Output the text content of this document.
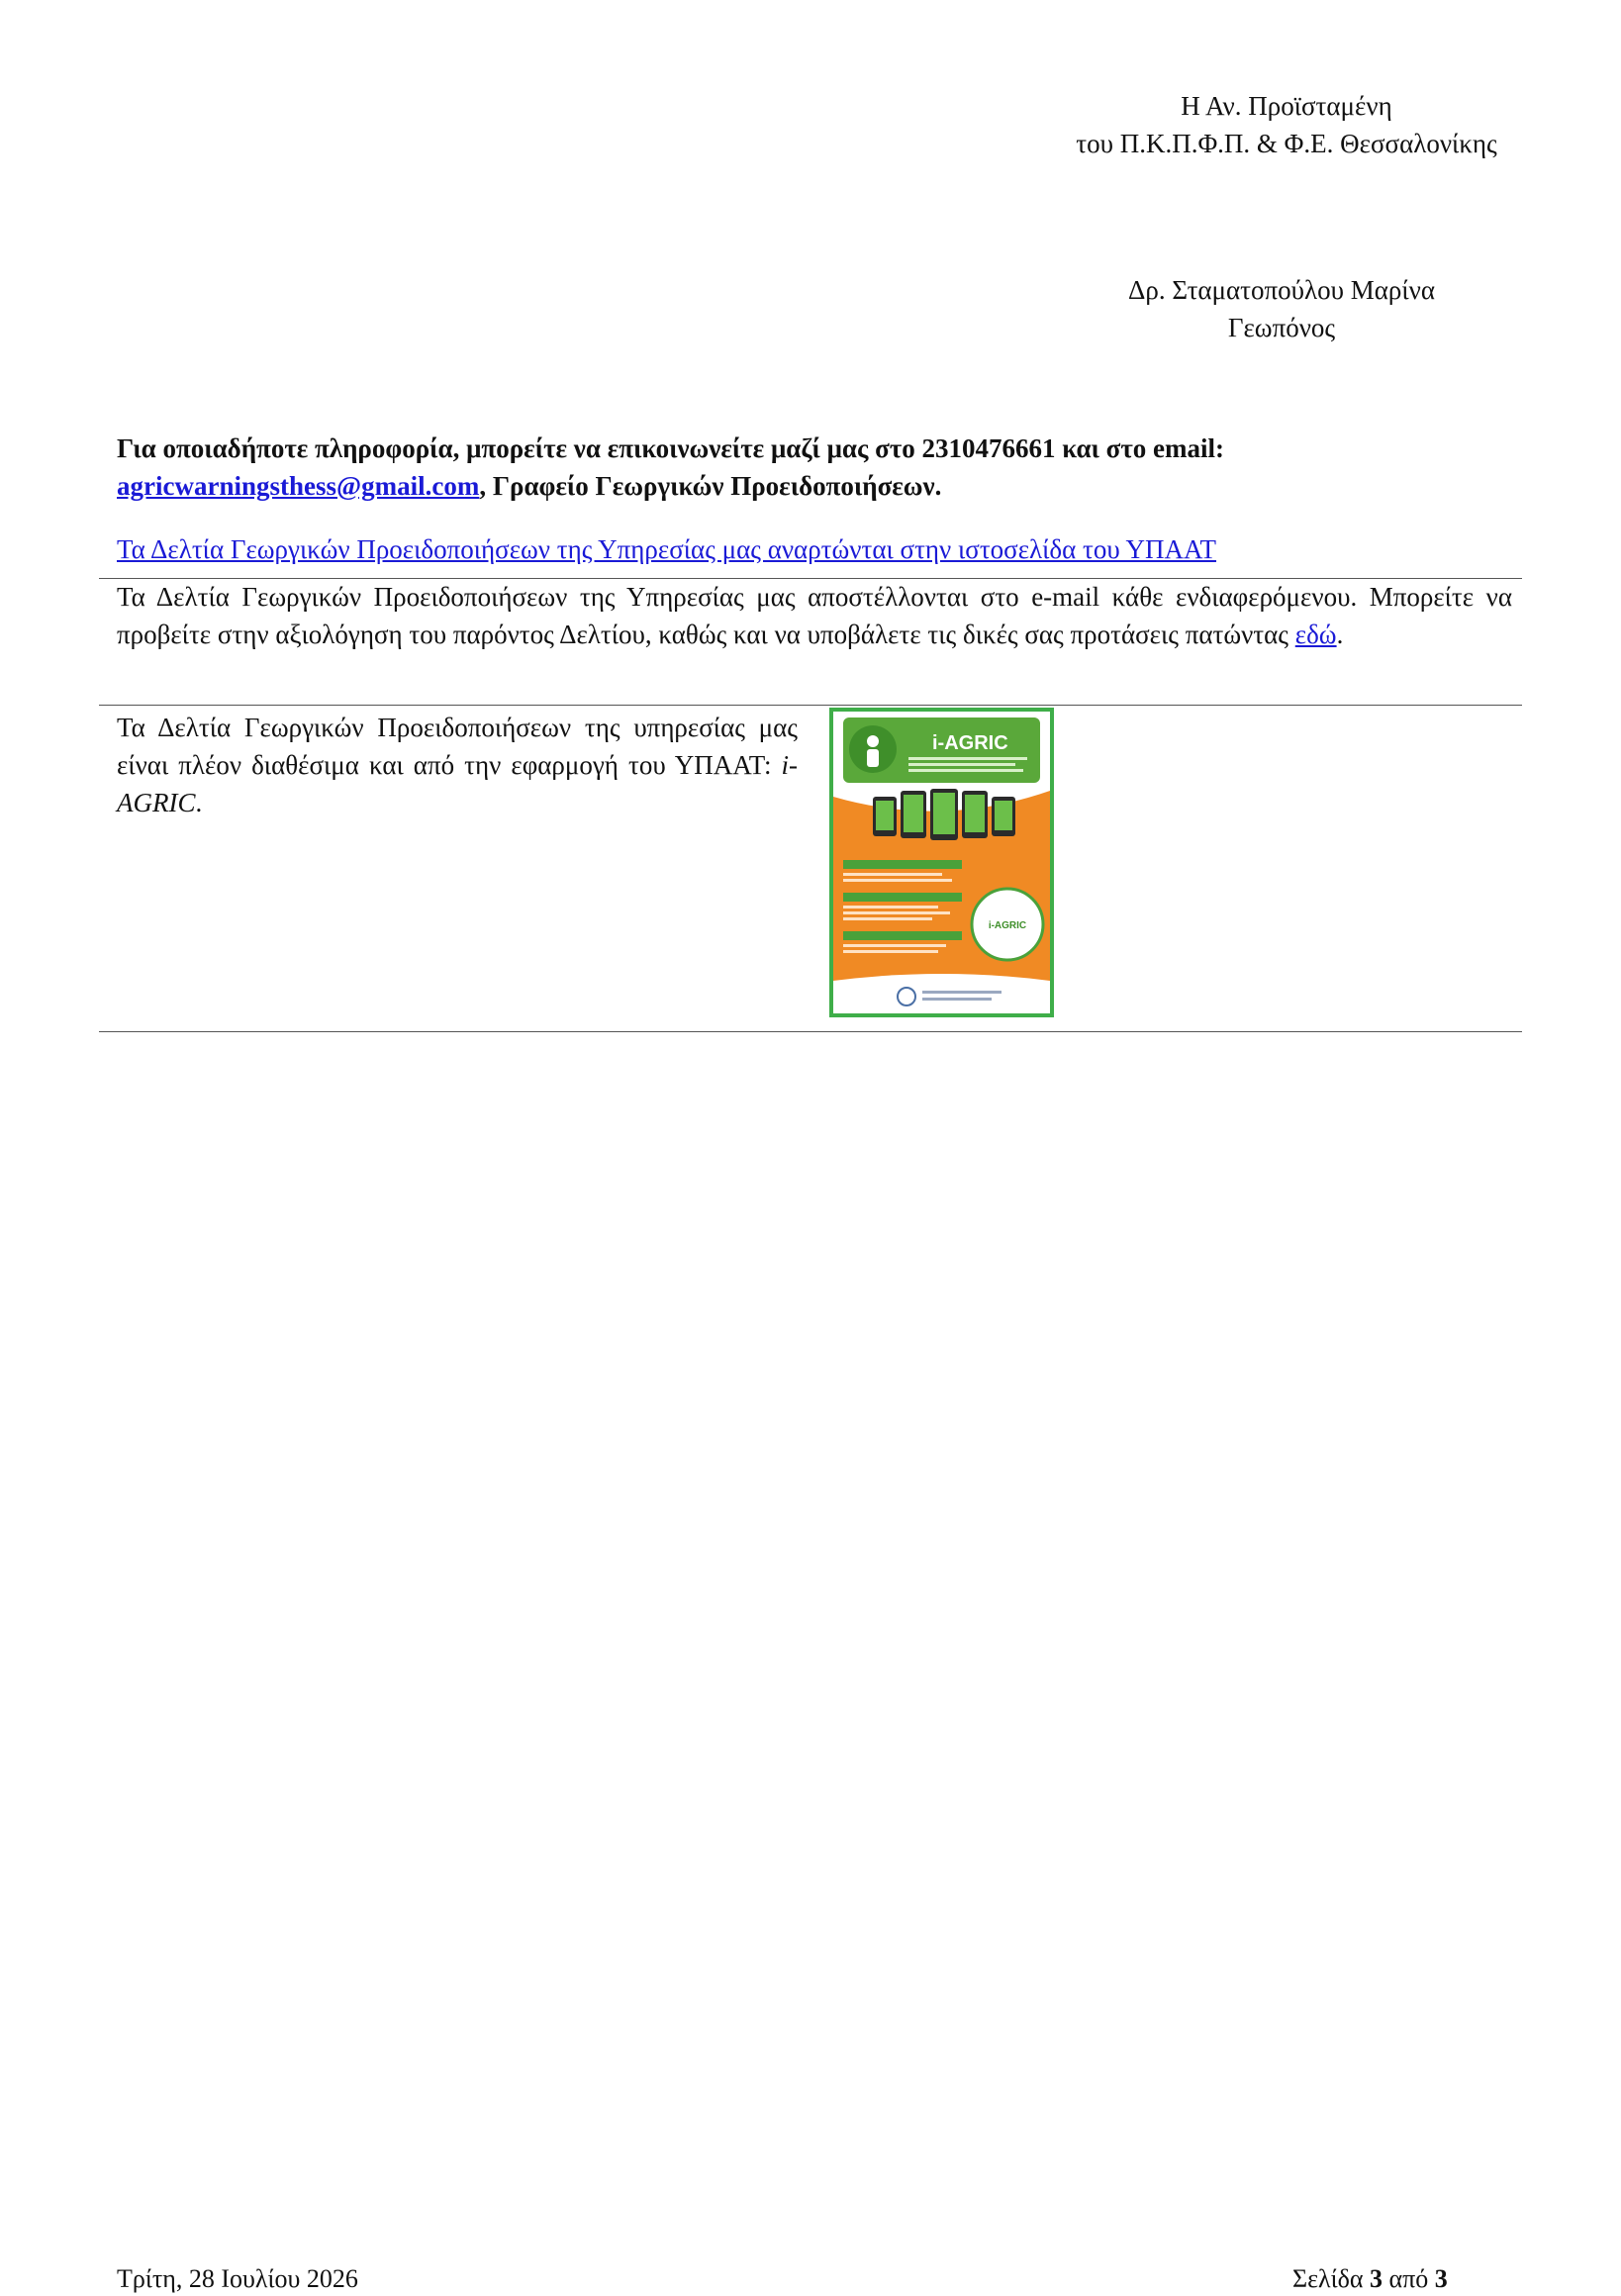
Η Αν. Προϊσταμένη
του Π.Κ.Π.Φ.Π. & Φ.Ε. Θεσσαλονίκης
Δρ. Σταματοπούλου Μαρίνα
Γεωπόνος
Για οποιαδήποτε πληροφορία, μπορείτε να επικοινωνείτε μαζί μας στο 2310476661 και στο email:
agricwarningsthess@gmail.com, Γραφείο Γεωργικών Προειδοποιήσεων.
Τα Δελτία Γεωργικών Προειδοποιήσεων της Υπηρεσίας μας αναρτώνται στην ιστοσελίδα του ΥΠΑΑΤ
Τα Δελτία Γεωργικών Προειδοποιήσεων της Υπηρεσίας μας αποστέλλονται στο e-mail κάθε ενδιαφερόμενου. Μπορείτε να προβείτε στην αξιολόγηση του παρόντος Δελτίου, καθώς και να υποβάλετε τις δικές σας προτάσεις πατώντας εδώ.
Τα Δελτία Γεωργικών Προειδοποιήσεων της υπηρεσίας μας είναι πλέον διαθέσιμα και από την εφαρμογή του ΥΠΑΑΤ: i-AGRIC.
i-AGRIC
i-AGRIC
Τρίτη, 28 Ιουλίου 2026	Σελίδα 3 από 3
